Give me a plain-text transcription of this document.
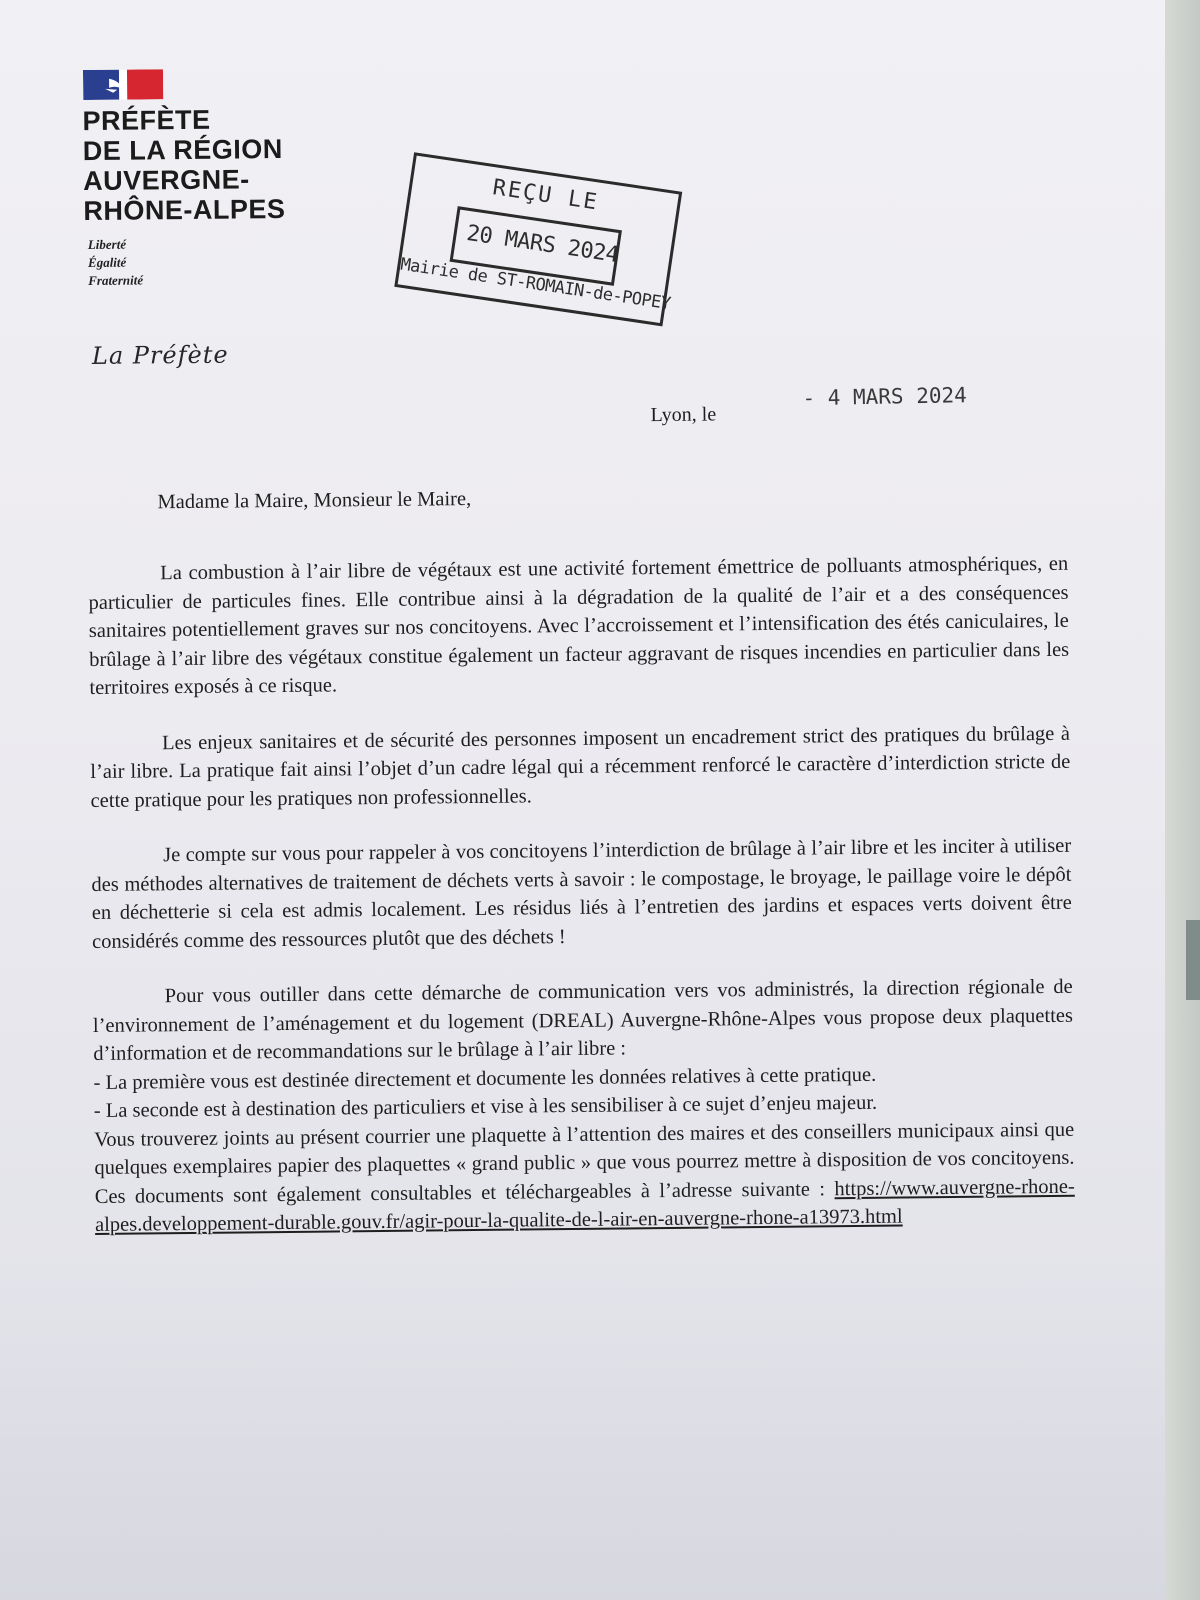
PRÉFÈTE
DE LA RÉGION
AUVERGNE-
RHÔNE-ALPES
Liberté
Égalité
Fraternité
La Préfète
REÇU LE
20 MARS 2024
Mairie de ST-ROMAIN-de-POPEY
Lyon, le
- 4 MARS 2024
Madame la Maire, Monsieur le Maire,

La combustion à l’air libre de végétaux est une activité fortement émettrice de polluants atmosphériques, en particulier de particules fines. Elle contribue ainsi à la dégradation de la qualité de l’air et a des conséquences sanitaires potentiellement graves sur nos concitoyens. Avec l’accroissement et l’intensification des étés caniculaires, le brûlage à l’air libre des végétaux constitue également un facteur aggravant de risques incendies en particulier dans les territoires exposés à ce risque.

Les enjeux sanitaires et de sécurité des personnes imposent un encadrement strict des pratiques du brûlage à l’air libre. La pratique fait ainsi l’objet d’un cadre légal qui a récemment renforcé le caractère d’interdiction stricte de cette pratique pour les pratiques non professionnelles.

Je compte sur vous pour rappeler à vos concitoyens l’interdiction de brûlage à l’air libre et les inciter à utiliser des méthodes alternatives de traitement de déchets verts à savoir : le compostage, le broyage, le paillage voire le dépôt en déchetterie si cela est admis localement. Les résidus liés à l’entretien des jardins et espaces verts doivent être considérés comme des ressources plutôt que des déchets !

Pour vous outiller dans cette démarche de communication vers vos administrés, la direction régionale de l’environnement de l’aménagement et du logement (DREAL) Auvergne-Rhône-Alpes vous propose deux plaquettes d’information et de recommandations sur le brûlage à l’air libre :

- La première vous est destinée directement et documente les données relatives à cette pratique.
- La seconde est à destination des particuliers et vise à les sensibiliser à ce sujet d’enjeu majeur.
Vous trouverez joints au présent courrier une plaquette à l’attention des maires et des conseillers municipaux ainsi que quelques exemplaires papier des plaquettes « grand public » que vous pourrez mettre à disposition de vos concitoyens. Ces documents sont également consultables et téléchargeables à l’adresse suivante : https://www.auvergne-rhone-alpes.developpement-durable.gouv.fr/agir-pour-la-qualite-de-l-air-en-auvergne-rhone-a13973.html
